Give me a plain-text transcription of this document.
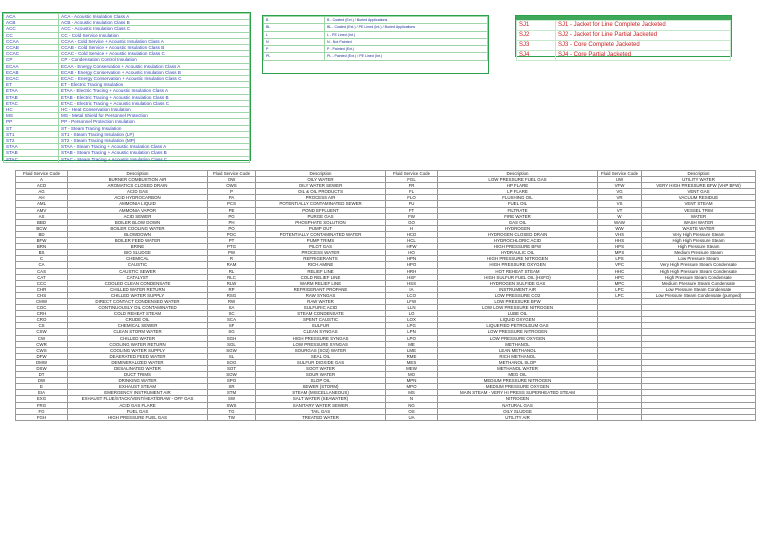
ACA	ACA - Acoustic Insulation Class A
ACB	ACB - Acoustic Insulation Class B
ACC	ACC - Acoustic Insulation Class C
CC	CC - Cold Service Insulation
CCAA	CCAA - Cold Service + Acoustic Insulation Class A
CCAB	CCAB - Cold Service + Acoustic Insulation Class B
CCAC	CCAC - Cold Service + Acoustic Insulation Class C
CP	CP - Condensation Control Insulation
ECAA	ECAA - Energy Conservation + Acoustic Insulation Class A
ECAB	ECAB - Energy Conservation + Acoustic Insulation Class B
ECAC	ECAC - Energy Conservation + Acoustic Insulation Class C
ET	ET - Electric Tracing Insulation
ETAA	ETAA - Electric Tracing + Acoustic Insulation Class A
ETAB	ETAB - Electric Tracing + Acoustic Insulation Class B
ETAC	ETAC - Electric Tracing + Acoustic Insulation Class C
HC	HC - Heat Conservation Insulation
MS	MS - Metal Shield for Personnel Protection
PP	PP - Personnel Protection Insulation
ST	ST - Steam Tracing Insulation
ST1	ST1 - Steam Tracing Insulation (LP)
ST2	ST2 - Steam Tracing Insulation (MP)
STAA	STAA - Steam Tracing + Acoustic Insulation Class A
STAB	STAB - Steam Tracing + Acoustic Insulation Class B
STAC	STAC - Steam Tracing + Acoustic Insulation Class C
B	B - Coated (Ext.) / Buried Applications
BL	BL - Coated (Ext.) / PE Lined (Int.) / Buried Applications
L	L - PE Lined (Int.)
N	N - Not Painted
P	P - Painted (Ext.)
PL	PL - Painted (Ext.) / PE Lined (Int.)
SJ1	SJ1 - Jacket for Line Complete Jacketed
SJ2	SJ2 - Jacket for Line Partial Jacketed
SJ3	SJ3 - Core Complete Jacketed
SJ4	SJ4 - Core Partial Jacketed
Fluid Service Code	Description	Fluid Service Code	Description	Fluid Service Code	Description	Fluid Service Code	Description
A	BURNER COMBUSTION AIR	OW	OILY WATER	FGL	LOW PRESSURE FUEL GAS	UW	UTILITY WATER
ACD	AROMATICS CLOSED DRAIN	OWS	OILY WATER SEWER	FR	HP FLARE	VFW	VERY HIGH PRESSURE BFW (VHP BFW)
AG	ACID GAS	P	OIL & OIL PRODUCTS	FL	LP FLARE	VG	VENT GAS
AH	ACID HYDROCARBON	PA	PROCESS AIR	FLO	FLUSHING OIL	VR	VACUUM RESIDUE
AML	AMMONIA LIQUID	PCS	POTENTIALLY CONTAMINATED SEWER	FU	FUEL OIL	VS	VENT STEAM
AMV	AMMONIA VAPOR	PE	POND EFFLUENT	FT	FILTRATE	VT	VESSEL TRIM
AS	ACID SEWER	PG	PURGE GAS	FW	FIRE WATER	W	WATER
BBD	BOILER BLOW DOWN	PH	PHOSPHATE SOLUTION	GO	GAS OIL	WAW	WASH WATER
BCW	BOILER COOLING WATER	PO	PUMP OUT	H	HYDROGEN	WW	WASTE WATER
BD	BLOWDOWN	POC	POTENTIALLY CONTAMINATED WATER	HCD	HYDROGEN CLOSED DRAIN	VHS	Very High Pressure Steam
BFW	BOILER FEED WATER	PT	PUMP TRIMS	HCL	HYDROCHLORIC ACID	HHS	High High Pressure Steam
BRN	BRINE	PTG	PILOT GAS	HFW	HIGH PRESSURE BFW	HPS	High Pressure Steam
BS	BIO SLUDGE	PW	PROCESS WATER	HO	HYDRAULIC OIL	MPS	Medium Pressure Steam
C	CHEMICAL	R	REFRIGERANTS	HPN	HIGH PRESSURE NITROGEN	LPS	Low Pressure Steam
CA	CAUSTIC	RAM	RICH AMINE	HPO	HIGH PRESSURE OXYGEN	VPC	Very High Pressure Steam Condensate
CAS	CAUSTIC SEWER	RL	RELIEF LINE	HRH	HOT REHEAT STEAM	HHC	High High Pressure Steam Condensate
CAT	CATALYST	RLC	COLD RELIEF LINE	HSF	HIGH SULFUR FUEL OIL (HSFO)	HPC	High Pressure Steam Condensate
CCC	COOLED CLEAN CONDENSATE	RLW	WARM RELIEF LINE	HSS	HYDROGEN SULFIDE GAS	MPC	Medium Pressure Steam Condensate
CHR	CHILLED WATER RETURN	RP	REFRIGERANT PROPANE	IA	INSTRUMENT AIR	LPC	Low Pressure Steam Condensate
CHS	CHILLED WATER SUPPLY	RSG	RAW SYNGAS	LCO	LOW PRESSURE CO2	LPC	Low Pressure Steam Condensate (pumped)
CMW	DIRECT CONTACT CONDENSED WATER	RW	RAW WATER	LFW	LOW PRESSURE BFW		
COC	CONTINUOUSLY OIL CONTAMINATED	SA	SULFURIC ACID	LLN	LOW LOW PRESSURE NITROGEN		
CRH	COLD REHEAT STEAM	SC	STEAM CONDENSATE	LO	LUBE OIL		
CRO	CRUDE OIL	SCA	SPENT CAUSTIC	LOX	LIQUID OXYGEN		
CS	CHEMICAL SEWER	SF	SULFUR	LPG	LIQUEFIED PETROLEUM GAS		
CSW	CLEAN STORM WATER	SG	CLEAN SYNGAS	LPN	LOW PRESSURE NITROGEN		
CW	CHILLED WATER	SGH	HIGH PRESSURE SYNGAS	LPO	LOW PRESSURE OXYGEN		
CWR	COOLING WATER RETURN	SGL	LOW PRESSURE SYNGAS	ME	METHANOL		
CWS	COOLING WATER SUPPLY	SGW	SOURGAS (SO2) WATER	LME	LEAN METHANOL		
DFW	DEAERATED FEED WATER	SL	SEAL OIL	RME	RICH METHANOL		
DMW	DEMINERALIZED WATER	SOG	SULFUR DIOXIDE GAS	MES	METHANOL SLOP		
DSW	DESALINATED WATER	SOT	SOOT WATER	MEW	METHANOL WATER		
DT	DUCT TRIMS	SOW	SOUR WATER	MO	MEG OIL		
DW	DRINKING WATER	SPO	SLOP OIL	MPN	MEDIUM PRESSURE NITROGEN		
E	EXHAUST STEAM	SR	SEWER (STORM)	MPO	MEDIUM PRESSURE OXYGEN		
EIA	EMERGENCY INSTRUMENT AIR	STM	STEAM (MISCELLANEOUS)	MS	MAIN STEAM - VERY HI PRESS SUPERHEATED STEAM		
EXG	EXHAUST FLUE/STACK/VENT/HEAT/DRAW - OFF GAS	SW	SALT WATER (SEAWATER)	N	NITROGEN		
FRG	ACID GAS FLARE	SWS	SANITARY WATER SEWER	NG	NATURAL GAS		
FG	FUEL GAS	TG	TAIL GAS	OS	OILY SLUDGE		
FGH	HIGH PRESSURE FUEL GAS	TW	TREATED WATER	UA	UTILITY AIR		
